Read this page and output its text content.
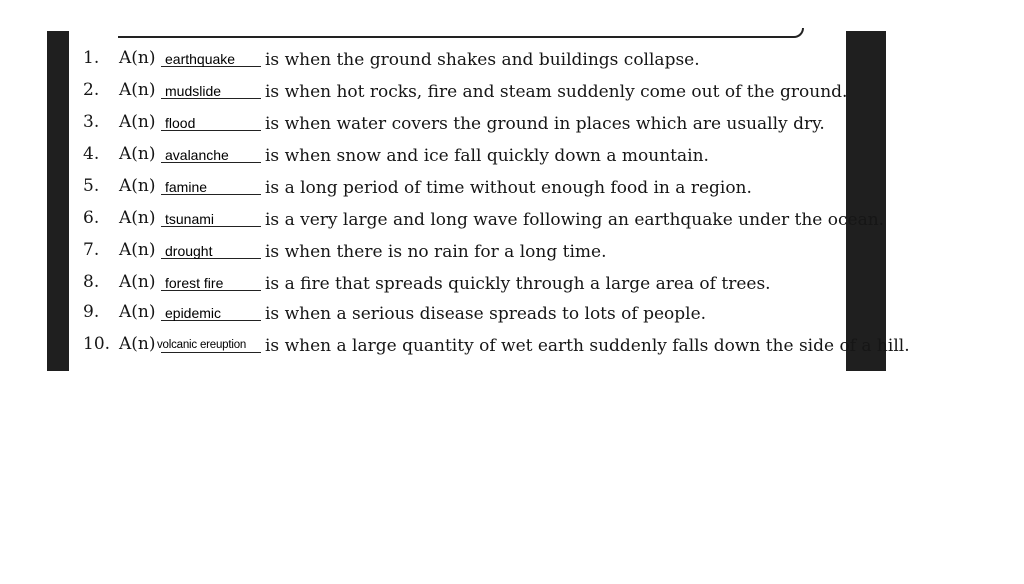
1.	A(n) earthquake is when the ground shakes and buildings collapse.
2.	A(n) mudslide	is when hot rocks, fire and steam suddenly come out of the ground.
3.	A(n) flood	is when water covers the ground in places which are usually dry.
4.	A(n) avalanche is when snow and ice fall quickly down a mountain.
5.	A(n) famine	is a long period of time without enough food in a region.
6.	A(n) tsunami	is a very large and long wave following an earthquake under the ocean.
7.	A(n) drought	is when there is no rain for a long time.
8.	A(n) forest fire is a fire that spreads quickly through a large area of trees.
9.	A(n) epidemic	is when a serious disease spreads to lots of people.
10. A(n) volcanic ereuption is when a large quantity of wet earth suddenly falls down the side of a hill.
